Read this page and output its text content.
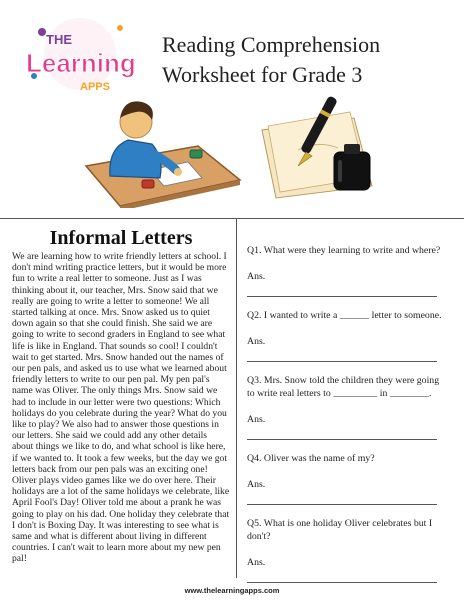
THE
Learning
APPS
Reading Comprehension
Worksheet for Grade 3
Informal Letters
We are learning how to write friendly letters at school. I don't mind writing practice letters, but it would be more fun to write a real letter to someone. Just as I was thinking about it, our teacher, Mrs. Snow said that we really are going to write a letter to someone! We all started talking at once. Mrs. Snow asked us to quiet down again so that she could finish. She said we are going to write to second graders in England to see what life is like in England. That sounds so cool! I couldn't wait to get started. Mrs. Snow handed out the names of our pen pals, and asked us to use what we learned about friendly letters to write to our pen pal. My pen pal's name was Oliver. The only things Mrs. Snow said we had to include in our letter were two questions: Which holidays do you celebrate during the year? What do you like to play? We also had to answer those questions in our letters. She said we could add any other details about things we like to do, and what school is like here, if we wanted to. It took a few weeks, but the day we got letters back from our pen pals was an exciting one! Oliver plays video games like we do over here. Their holidays are a lot of the same holidays we celebrate, like April Fool's Day! Oliver told me about a prank he was going to play on his dad. One holiday they celebrate that I don't is Boxing Day. It was interesting to see what is same and what is different about living in different countries. I can't wait to learn more about my new pen pal!
Q1. What were they learning to write and where?
Ans.
Q2. I wanted to write a ______ letter to someone.
Ans.
Q3. Mrs. Snow told the children they were going to write real letters to _________ in ________.
Ans.
Q4. Oliver was the name of my?
Ans.
Q5. What is one holiday Oliver celebrates but I don't?
Ans.
www.thelearningapps.com
